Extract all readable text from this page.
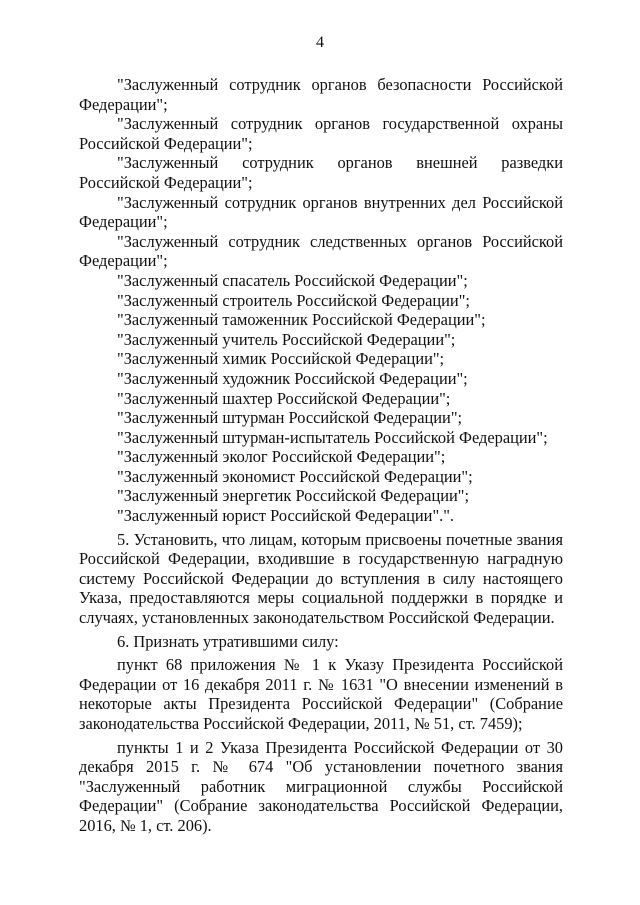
4

"Заслуженный сотрудник органов безопасности Российской Федерации";

"Заслуженный сотрудник органов государственной охраны Российской Федерации";

"Заслуженный сотрудник органов внешней разведки Российской Федерации";

"Заслуженный сотрудник органов внутренних дел Российской Федерации";

"Заслуженный сотрудник следственных органов Российской Федерации";

"Заслуженный спасатель Российской Федерации";

"Заслуженный строитель Российской Федерации";

"Заслуженный таможенник Российской Федерации";

"Заслуженный учитель Российской Федерации";

"Заслуженный химик Российской Федерации";

"Заслуженный художник Российской Федерации";

"Заслуженный шахтер Российской Федерации";

"Заслуженный штурман Российской Федерации";

"Заслуженный штурман-испытатель Российской Федерации";

"Заслуженный эколог Российской Федерации";

"Заслуженный экономист Российской Федерации";

"Заслуженный энергетик Российской Федерации";

"Заслуженный юрист Российской Федерации".".

5. Установить, что лицам, которым присвоены почетные звания Российской Федерации, входившие в государственную наградную систему Российской Федерации до вступления в силу настоящего Указа, предоставляются меры социальной поддержки в порядке и случаях, установленных законодательством Российской Федерации.

6. Признать утратившими силу:

пункт 68 приложения № 1 к Указу Президента Российской Федерации от 16 декабря 2011 г. № 1631 "О внесении изменений в некоторые акты Президента Российской Федерации" (Собрание законодательства Российской Федерации, 2011, № 51, ст. 7459);

пункты 1 и 2 Указа Президента Российской Федерации от 30 декабря 2015 г. № 674 "Об установлении почетного звания "Заслуженный работник миграционной службы Российской Федерации" (Собрание законодательства Российской Федерации, 2016, № 1, ст. 206).
